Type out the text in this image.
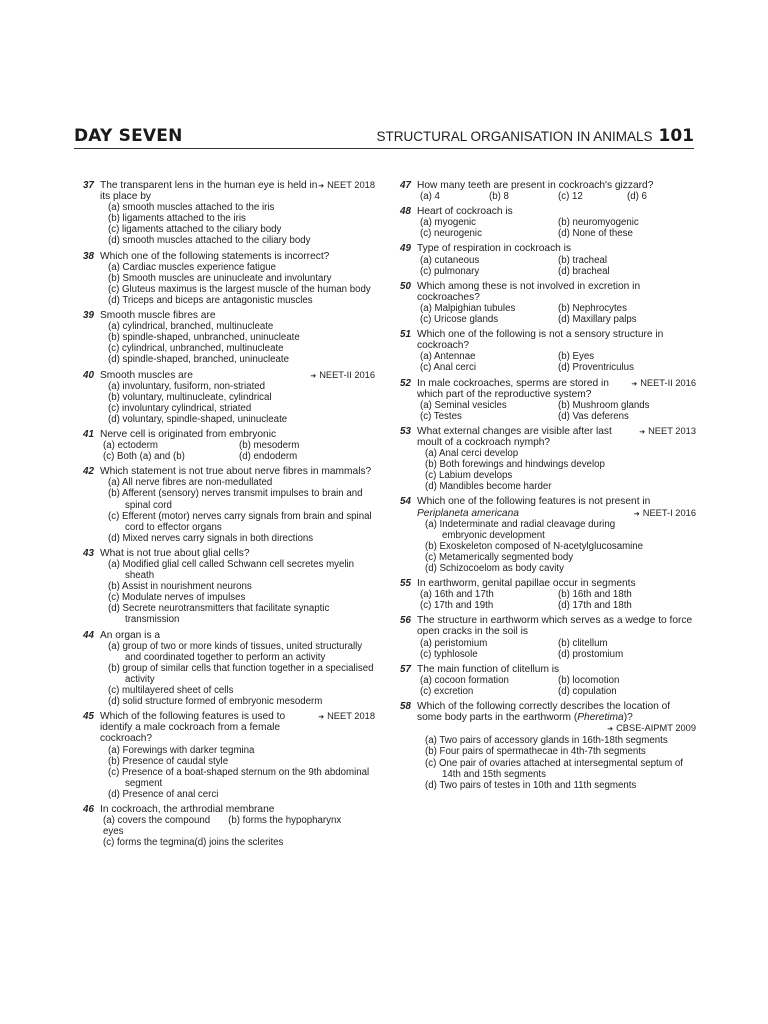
DAY SEVEN	STRUCTURAL ORGANISATION IN ANIMALS 101
37	➔ NEET 2018
The transparent lens in the human eye is held in its place by
(a) smooth muscles attached to the iris
(b) ligaments attached to the iris
(c) ligaments attached to the ciliary body
(d) smooth muscles attached to the ciliary body
38 Which one of the following statements is incorrect?
(a) Cardiac muscles experience fatigue
(b) Smooth muscles are uninucleate and involuntary
(c) Gluteus maximus is the largest muscle of the human body
(d) Triceps and biceps are antagonistic muscles
39 Smooth muscle fibres are
(a) cylindrical, branched, multinucleate
(b) spindle-shaped, unbranched, uninucleate
(c) cylindrical, unbranched, multinucleate
(d) spindle-shaped, branched, uninucleate
40	➔ NEET-II 2016
Smooth muscles are
(a) involuntary, fusiform, non-striated
(b) voluntary, multinucleate, cylindrical
(c) involuntary cylindrical, striated
(d) voluntary, spindle-shaped, uninucleate
41 Nerve cell is originated from embryonic
(a) ectoderm	(b) mesoderm
(c) Both (a) and (b)	(d) endoderm
42 Which statement is not true about nerve fibres in mammals?
(a) All nerve fibres are non-medullated
(b) Afferent (sensory) nerves transmit impulses to brain and spinal cord
(c) Efferent (motor) nerves carry signals from brain and spinal cord to effector organs
(d) Mixed nerves carry signals in both directions
43 What is not true about glial cells?
(a) Modified glial cell called Schwann cell secretes myelin sheath
(b) Assist in nourishment neurons
(c) Modulate nerves of impulses
(d) Secrete neurotransmitters that facilitate synaptic transmission
44 An organ is a
(a) group of two or more kinds of tissues, united structurally and coordinated together to perform an activity
(b) group of similar cells that function together in a specialised activity
(c) multilayered sheet of cells
(d) solid structure formed of embryonic mesoderm
45	➔ NEET 2018
Which of the following features is used to identify a male cockroach from a female cockroach?
(a) Forewings with darker tegmina
(b) Presence of caudal style
(c) Presence of a boat-shaped sternum on the 9th abdominal segment
(d) Presence of anal cerci
46 In cockroach, the arthrodial membrane
(a) covers the compound eyes
(b) forms the hypopharynx
(c) forms the tegmina (d) joins the sclerites
47 How many teeth are present in cockroach's gizzard?
(a) 4	(b) 8	(c) 12	(d) 6
48 Heart of cockroach is
(a) myogenic	(b) neuromyogenic
(c) neurogenic	(d) None of these
49 Type of respiration in cockroach is
(a) cutaneous	(b) tracheal
(c) pulmonary	(d) bracheal
50 Which among these is not involved in excretion in cockroaches?
(a) Malpighian tubules	(b) Nephrocytes
(c) Uricose glands	(d) Maxillary palps
51 Which one of the following is not a sensory structure in cockroach?
(a) Antennae	(b) Eyes
(c) Anal cerci	(d) Proventriculus
52	➔ NEET-II 2016
In male cockroaches, sperms are stored in which part of the reproductive system?
(a) Seminal vesicles	(b) Mushroom glands
(c) Testes	(d) Vas deferens
53	➔ NEET 2013
What external changes are visible after last moult of a cockroach nymph?
(a) Anal cerci develop
(b) Both forewings and hindwings develop
(c) Labium develops
(d) Mandibles become harder
54 Which one of the following features is not present in

➔ NEET-I 2016
Periplaneta americana
(a) Indeterminate and radial cleavage during embryonic development
(b) Exoskeleton composed of N-acetylglucosamine
(c) Metamerically segmented body
(d) Schizocoelom as body cavity
55 In earthworm, genital papillae occur in segments
(a) 16th and 17th	(b) 16th and 18th
(c) 17th and 19th	(d) 17th and 18th
56 The structure in earthworm which serves as a wedge to force open cracks in the soil is
(a) peristomium	(b) clitellum
(c) typhlosole	(d) prostomium
57 The main function of clitellum is
(a) cocoon formation	(b) locomotion
(c) excretion	(d) copulation
58 Which of the following correctly describes the location of some body parts in the earthworm (Pheretima)?
➔ CBSE-AIPMT 2009
(a) Two pairs of accessory glands in 16th-18th segments
(b) Four pairs of spermathecae in 4th-7th segments
(c) One pair of ovaries attached at intersegmental septum of 14th and 15th segments
(d) Two pairs of testes in 10th and 11th segments
